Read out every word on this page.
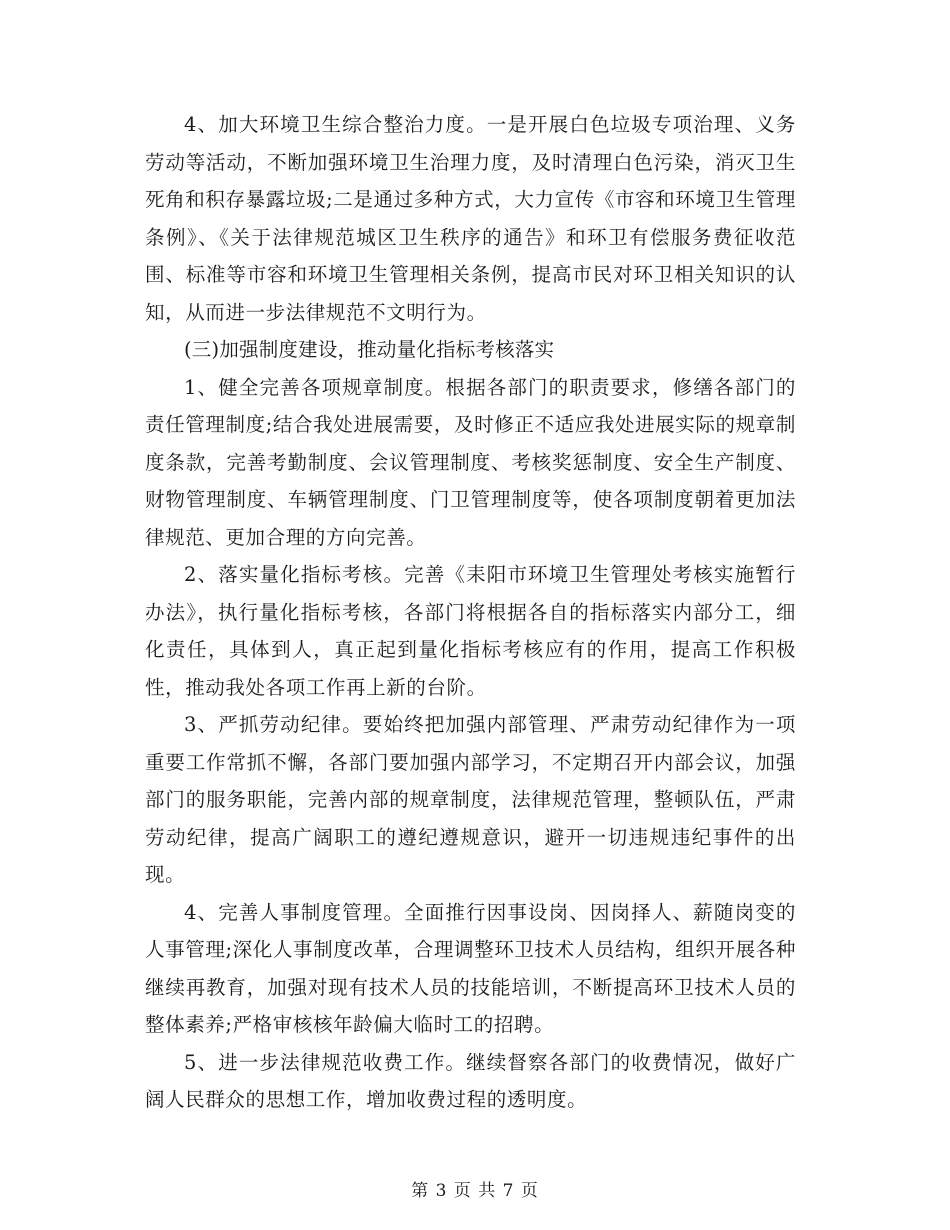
4、加大环境卫生综合整治力度。一是开展白色垃圾专项治理、义务劳动等活动，不断加强环境卫生治理力度，及时清理白色污染，消灭卫生死角和积存暴露垃圾;二是通过多种方式，大力宣传《市容和环境卫生管理条例》、《关于法律规范城区卫生秩序的通告》和环卫有偿服务费征收范围、标准等市容和环境卫生管理相关条例，提高市民对环卫相关知识的认知，从而进一步法律规范不文明行为。

(三)加强制度建设，推动量化指标考核落实

1、健全完善各项规章制度。根据各部门的职责要求，修缮各部门的责任管理制度;结合我处进展需要，及时修正不适应我处进展实际的规章制度条款，完善考勤制度、会议管理制度、考核奖惩制度、安全生产制度、财物管理制度、车辆管理制度、门卫管理制度等，使各项制度朝着更加法律规范、更加合理的方向完善。

2、落实量化指标考核。完善《耒阳市环境卫生管理处考核实施暂行办法》，执行量化指标考核，各部门将根据各自的指标落实内部分工，细化责任，具体到人，真正起到量化指标考核应有的作用，提高工作积极性，推动我处各项工作再上新的台阶。

3、严抓劳动纪律。要始终把加强内部管理、严肃劳动纪律作为一项重要工作常抓不懈，各部门要加强内部学习，不定期召开内部会议，加强部门的服务职能，完善内部的规章制度，法律规范管理，整顿队伍，严肃劳动纪律，提高广阔职工的遵纪遵规意识，避开一切违规违纪事件的出现。

4、完善人事制度管理。全面推行因事设岗、因岗择人、薪随岗变的人事管理;深化人事制度改革，合理调整环卫技术人员结构，组织开展各种继续再教育，加强对现有技术人员的技能培训，不断提高环卫技术人员的整体素养;严格审核核年龄偏大临时工的招聘。

5、进一步法律规范收费工作。继续督察各部门的收费情况，做好广阔人民群众的思想工作，增加收费过程的透明度。

第 3 页 共 7 页
